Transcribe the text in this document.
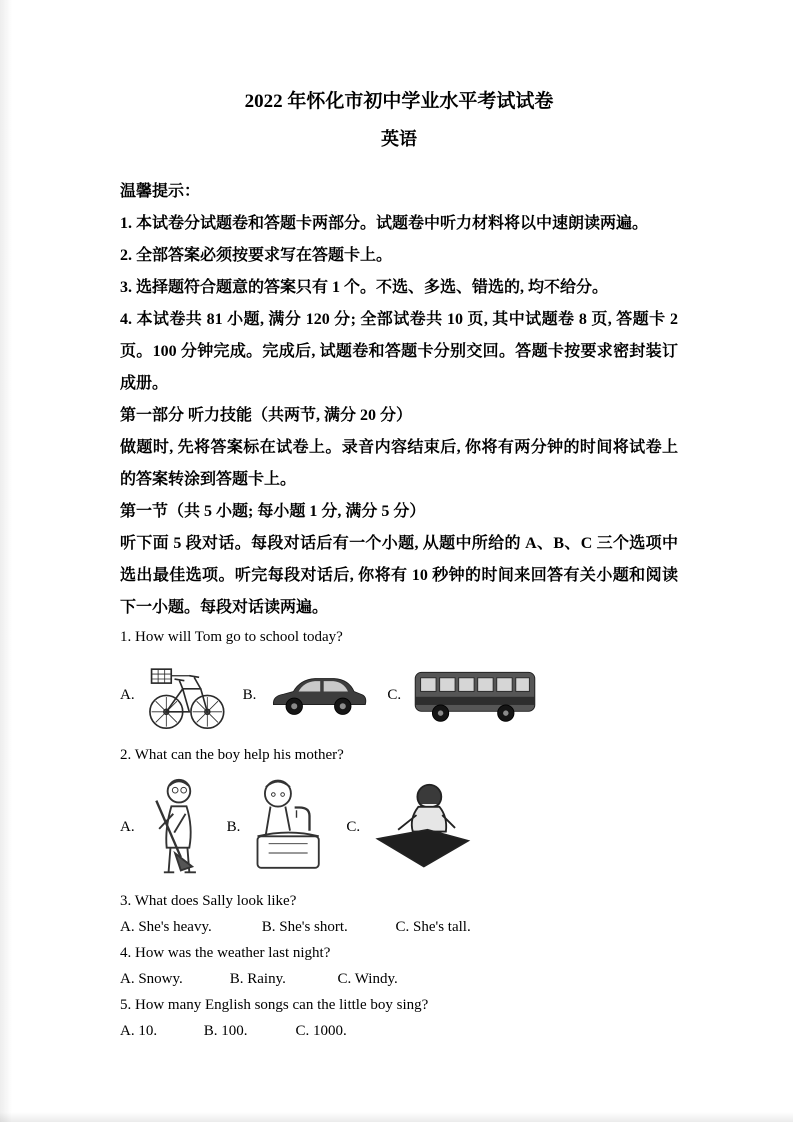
2022 年怀化市初中学业水平考试试卷
英语

温馨提示：

1. 本试卷分试题卷和答题卡两部分。试题卷中听力材料将以中速朗读两遍。

2. 全部答案必须按要求写在答题卡上。

3. 选择题符合题意的答案只有 1 个。不选、多选、错选的, 均不给分。

4. 本试卷共 81 小题, 满分 120 分; 全部试卷共 10 页, 其中试题卷 8 页, 答题卡 2 页。100 分钟完成。完成后, 试题卷和答题卡分别交回。答题卡按要求密封装订成册。

第一部分 听力技能（共两节, 满分 20 分）

做题时, 先将答案标在试卷上。录音内容结束后, 你将有两分钟的时间将试卷上的答案转涂到答题卡上。

第一节（共 5 小题; 每小题 1 分, 满分 5 分）

听下面 5 段对话。每段对话后有一个小题, 从题中所给的 A、B、C 三个选项中选出最佳选项。听完每段对话后, 你将有 10 秒钟的时间来回答有关小题和阅读下一小题。每段对话读两遍。

1. How will Tom go to school today?

A.	B.	C.

2. What can the boy help his mother?

A.	B.	C.

3. What does Sally look like?

A. She's heavy.	B. She's short.	C. She's tall.

4. How was the weather last night?

A. Snowy.	B. Rainy.	C. Windy.

5. How many English songs can the little boy sing?

A. 10.	B. 100.	C. 1000.
